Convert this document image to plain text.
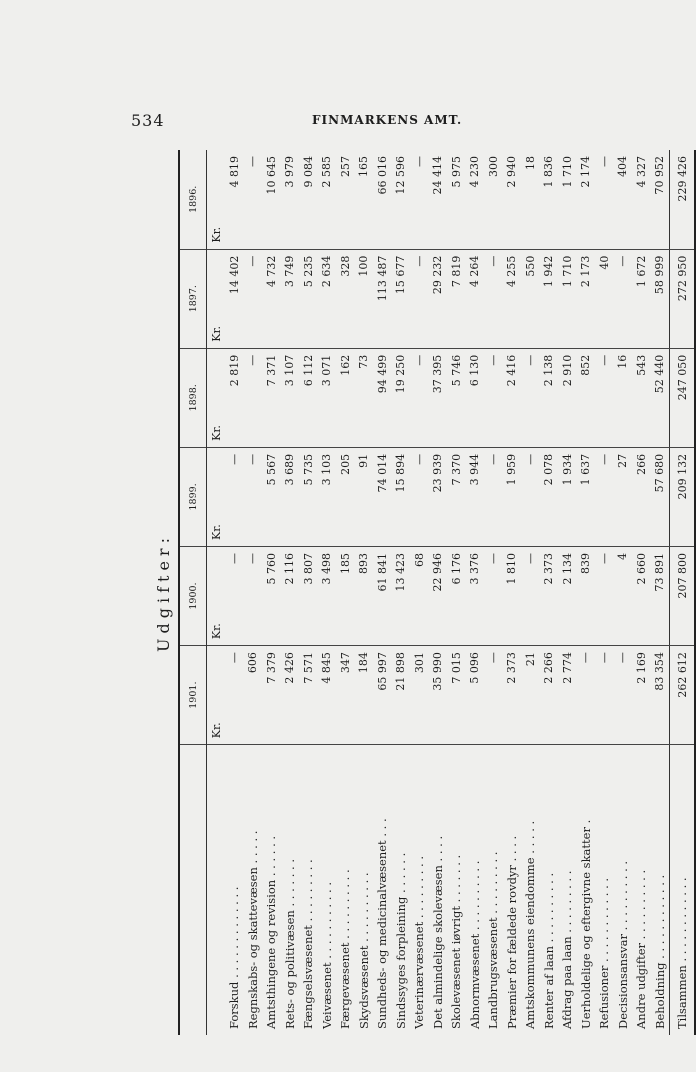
534	FINMARKENS AMT.
Udgifter:
	1901.	1900.	1899.	1898.	1897.	1896.
	Kr.	Kr.	Kr.	Kr.	Kr.	Kr.
Forskud . . . . . . . . . . . . .	—	—	—	2 819	14 402	4 819
Regnskabs- og skattevæsen . . . . .	606	—	—	—	—	—
Amtsthingene og revision . . . . . .	7 379	5 760	5 567	7 371	4 732	10 645
Rets- og politivæsen . . . . . . .	2 426	2 116	3 689	3 107	3 749	3 979
Fængselsvæsenet . . . . . . . . .	7 571	3 807	5 735	6 112	5 235	9 084
Veivæsenet . . . . . . . . . . .	4 845	3 498	3 103	3 071	2 634	2 585
Færgevæsenet . . . . . . . . . .	347	185	205	162	328	257
Skydsvæsenet . . . . . . . . . .	184	893	91	73	100	165
Sundheds- og medicinalvæsenet . . .	65 997	61 841	74 014	94 499	113 487	66 016
Sindssyges forpleining . . . . . .	21 898	13 423	15 894	19 250	15 677	12 596
Veterinærvæsenet . . . . . . . . .	301	68	—	—	—	—
Det almindelige skolevæsen . . . .	35 990	22 946	23 939	37 395	29 232	24 414
Skolevæsenet iøvrigt . . . . . . .	7 015	6 176	7 370	5 746	7 819	5 975
Abnormvæsenet . . . . . . . . . .	5 096	3 376	3 944	6 130	4 264	4 230
Landbrugsvæsenet . . . . . . . . .	—	—	—	—	—	300
Præmier for fældede rovdyr . . . .	2 373	1 810	1 959	2 416	4 255	2 940
Amtskommunens eiendomme . . . . .	21	—	—	—	550	18
Renter af laan . . . . . . . . . .	2 266	2 373	2 078	2 138	1 942	1 836
Afdrag paa laan . . . . . . . . .	2 774	2 134	1 934	2 910	1 710	1 710
Uerholdelige og eftergivne skatter .	—	839	1 637	852	2 173	2 174
Refusioner . . . . . . . . . . . .	—	—	—	—	40	—
Decisionsansvar . . . . . . . . . .	—	4	27	16	—	404
Andre udgifter . . . . . . . . . .	2 169	2 660	266	543	1 672	4 327
Beholdning . . . . . . . . . . . .	83 354	73 891	57 680	52 440	58 999	70 952
Tilsammen . . . . . . . . . . . .	262 612	207 800	209 132	247 050	272 950	229 426
